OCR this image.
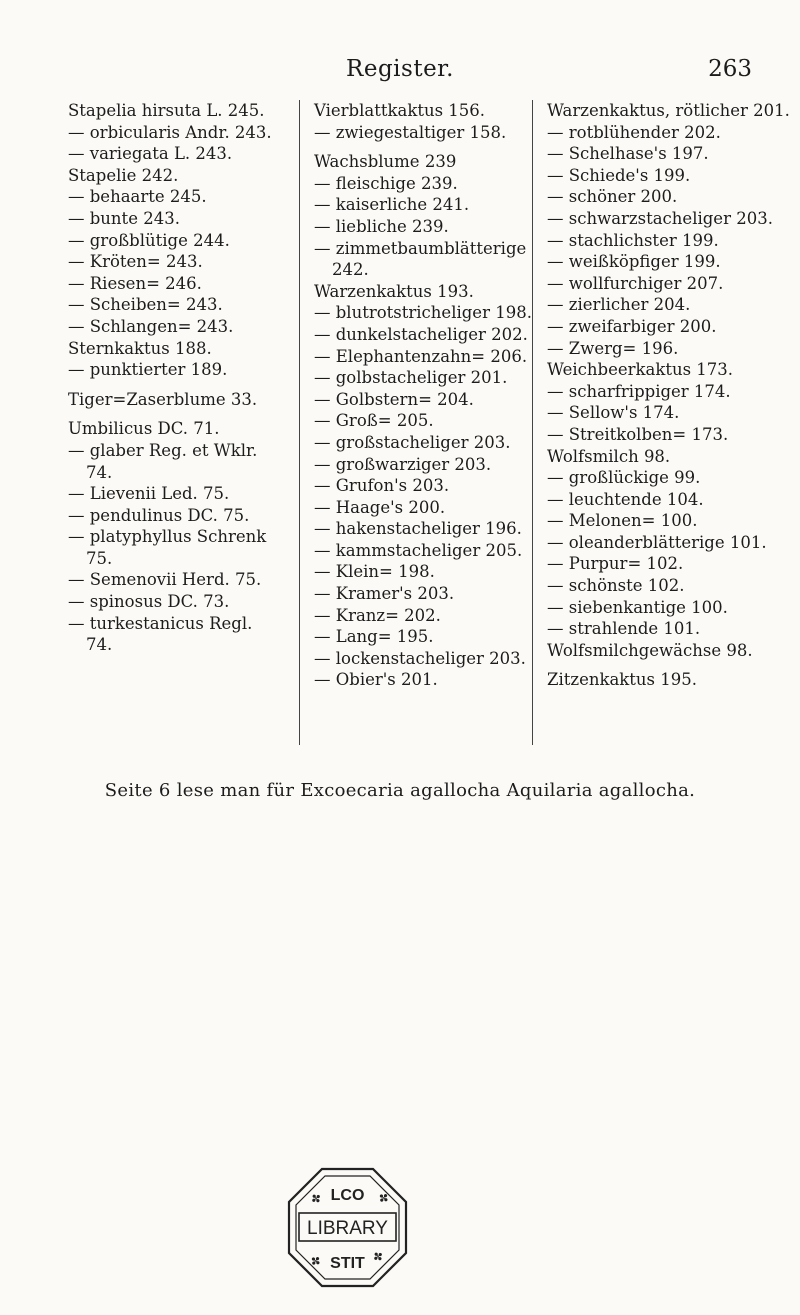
Register.	263
Stapelia hirsuta L. 245.
— orbicularis Andr. 243.
— variegata L. 243.
Stapelie 242.
— behaarte 245.
— bunte 243.
— großblütige 244.
— Kröten= 243.
— Riesen= 246.
— Scheiben= 243.
— Schlangen= 243.
Sternkaktus 188.
— punktierter 189.
Tiger=Zaserblume 33.
Umbilicus DC. 71.
— glaber Reg. et Wklr.
74.
— Lievenii Led. 75.
— pendulinus DC. 75.
— platyphyllus Schrenk
75.
— Semenovii Herd. 75.
— spinosus DC. 73.
— turkestanicus Regl.
74.
Vierblattkaktus 156.
— zwiegestaltiger 158.
Wachsblume 239
— fleischige 239.
— kaiserliche 241.
— liebliche 239.
— zimmetbaumblätterige
242.
Warzenkaktus 193.
— blutrotstricheliger 198.
— dunkelstacheliger 202.
— Elephantenzahn= 206.
— golbstacheliger 201.
— Golbstern= 204.
— Groß= 205.
— großstacheliger 203.
— großwarziger 203.
— Grufon's 203.
— Haage's 200.
— hakenstacheliger 196.
— kammstacheliger 205.
— Klein= 198.
— Kramer's 203.
— Kranz= 202.
— Lang= 195.
— lockenstacheliger 203.
— Obier's 201.
Warzenkaktus, rötlicher 201.
— rotblühender 202.
— Schelhase's 197.
— Schiede's 199.
— schöner 200.
— schwarzstacheliger 203.
— stachlichster 199.
— weißköpfiger 199.
— wollfurchiger 207.
— zierlicher 204.
— zweifarbiger 200.
— Zwerg= 196.
Weichbeerkaktus 173.
— scharfrippiger 174.
— Sellow's 174.
— Streitkolben= 173.
Wolfsmilch 98.
— großlückige 99.
— leuchtende 104.
— Melonen= 100.
— oleanderblätterige 101.
— Purpur= 102.
— schönste 102.
— siebenkantige 100.
— strahlende 101.
Wolfsmilchgewächse 98.
Zitzenkaktus 195.
Seite 6 lese man für Excoecaria agallocha Aquilaria agallocha.
LIBRARY
LCO
STIT
✤	✤
✤	✤
